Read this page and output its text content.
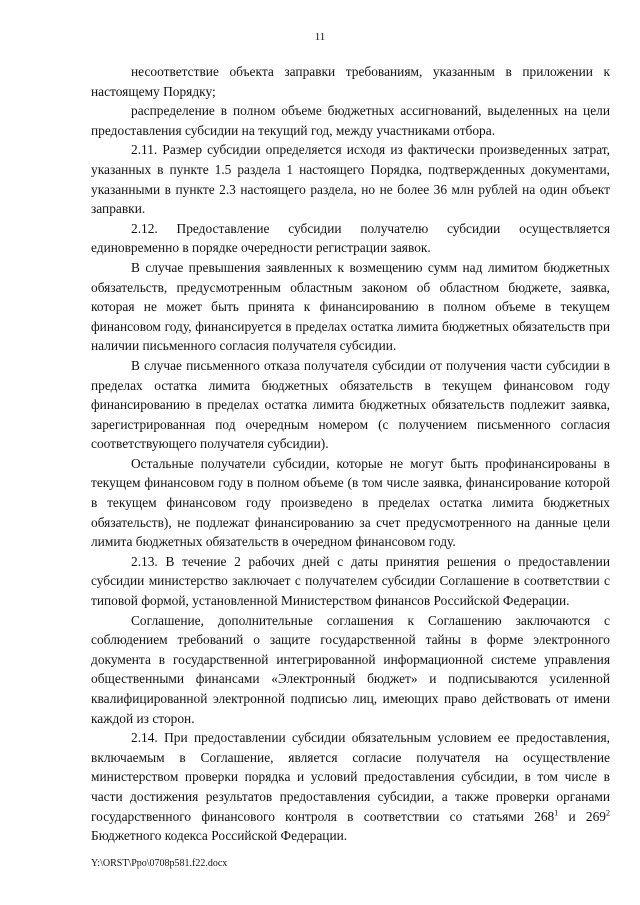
11

несоответствие объекта заправки требованиям, указанным в приложении к настоящему Порядку;

распределение в полном объеме бюджетных ассигнований, выделенных на цели предоставления субсидии на текущий год, между участниками отбора.

2.11. Размер субсидии определяется исходя из фактически произведенных затрат, указанных в пункте 1.5 раздела 1 настоящего Порядка, подтвержденных документами, указанными в пункте 2.3 настоящего раздела, но не более 36 млн рублей на один объект заправки.

2.12. Предоставление субсидии получателю субсидии осуществляется единовременно в порядке очередности регистрации заявок.

В случае превышения заявленных к возмещению сумм над лимитом бюджетных обязательств, предусмотренным областным законом об областном бюджете, заявка, которая не может быть принята к финансированию в полном объеме в текущем финансовом году, финансируется в пределах остатка лимита бюджетных обязательств при наличии письменного согласия получателя субсидии.

В случае письменного отказа получателя субсидии от получения части субсидии в пределах остатка лимита бюджетных обязательств в текущем финансовом году финансированию в пределах остатка лимита бюджетных обязательств подлежит заявка, зарегистрированная под очередным номером (с получением письменного согласия соответствующего получателя субсидии).

Остальные получатели субсидии, которые не могут быть профинансированы в текущем финансовом году в полном объеме (в том числе заявка, финансирование которой в текущем финансовом году произведено в пределах остатка лимита бюджетных обязательств), не подлежат финансированию за счет предусмотренного на данные цели лимита бюджетных обязательств в очередном финансовом году.

2.13. В течение 2 рабочих дней с даты принятия решения о предоставлении субсидии министерство заключает с получателем субсидии Соглашение в соответствии с типовой формой, установленной Министерством финансов Российской Федерации.

Соглашение, дополнительные соглашения к Соглашению заключаются с соблюдением требований о защите государственной тайны в форме электронного документа в государственной интегрированной информационной системе управления общественными финансами «Электронный бюджет» и подписываются усиленной квалифицированной электронной подписью лиц, имеющих право действовать от имени каждой из сторон.

2.14. При предоставлении субсидии обязательным условием ее предоставления, включаемым в Соглашение, является согласие получателя на осуществление министерством проверки порядка и условий предоставления субсидии, в том числе в части достижения результатов предоставления субсидии, а также проверки органами государственного финансового контроля в соответствии со статьями $268^1$ и $269^2$ Бюджетного кодекса Российской Федерации.

Y:\ORST\Ppo\0708p581.f22.docx
